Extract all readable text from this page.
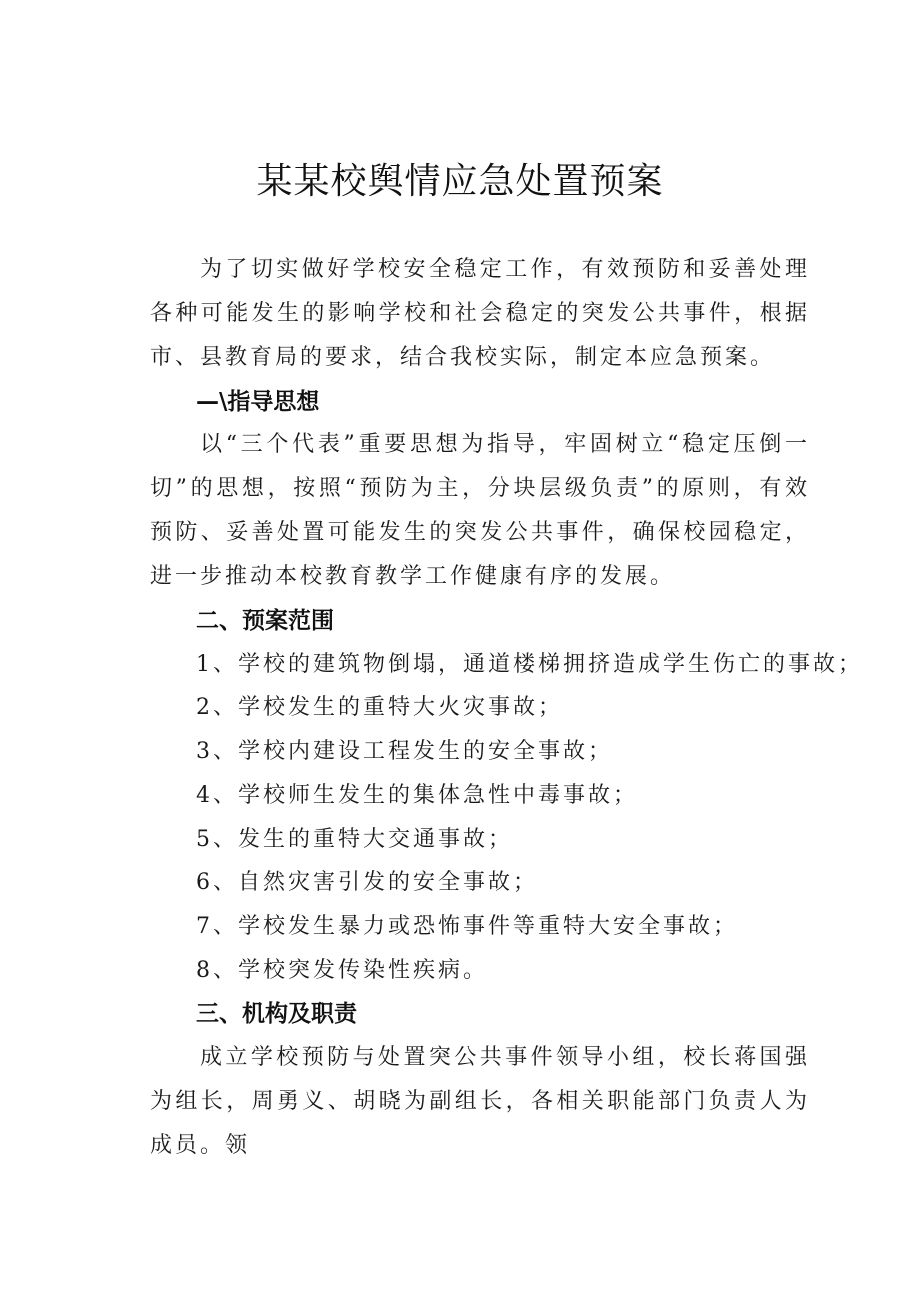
某某校舆情应急处置预案

为了切实做好学校安全稳定工作，有效预防和妥善处理各种可能发生的影响学校和社会稳定的突发公共事件，根据市、县教育局的要求，结合我校实际，制定本应急预案。

—\指导思想

以“三个代表”重要思想为指导，牢固树立“稳定压倒一切”的思想，按照“预防为主，分块层级负责”的原则，有效预防、妥善处置可能发生的突发公共事件，确保校园稳定，进一步推动本校教育教学工作健康有序的发展。

二、预案范围
1、学校的建筑物倒塌，通道楼梯拥挤造成学生伤亡的事故；
2、学校发生的重特大火灾事故；
3、学校内建设工程发生的安全事故；
4、学校师生发生的集体急性中毒事故；
5、发生的重特大交通事故；
6、自然灾害引发的安全事故；
7、学校发生暴力或恐怖事件等重特大安全事故；
8、学校突发传染性疾病。
三、机构及职责

成立学校预防与处置突公共事件领导小组，校长蒋国强为组长，周勇义、胡晓为副组长，各相关职能部门负责人为成员。领
